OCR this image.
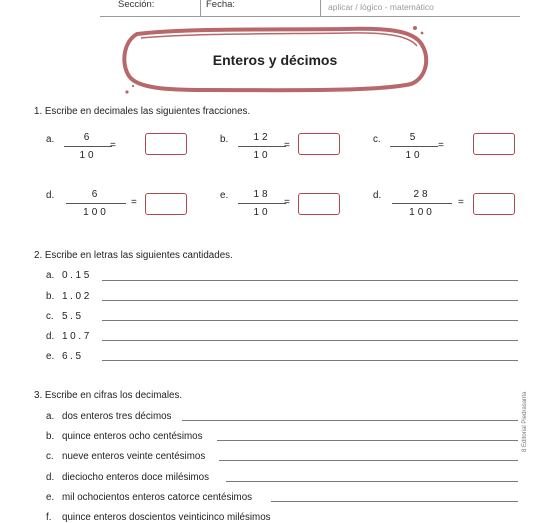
Sección:	Fecha:	aplicar / lógico - matemático
Enteros y décimos
1. Escribe en decimales las siguientes fracciones.
a.	6
10
=
b.	12
10
=
c.	5
10
=
d.	6
100
=
e.	18
10
=
d.	28
100
=
2. Escribe en letras las siguientes cantidades.
a. 0.15
b. 1.02
c. 5.5
d. 10.7
e. 6.5
3. Escribe en cifras los decimales.
a. dos enteros tres décimos
b. quince enteros ocho centésimos
c. nueve enteros veinte centésimos
d. dieciocho enteros doce milésimos
e. mil ochocientos enteros catorce centésimos
f. quince enteros doscientos veinticinco milésimos
8 Editorial Piedrasanta
